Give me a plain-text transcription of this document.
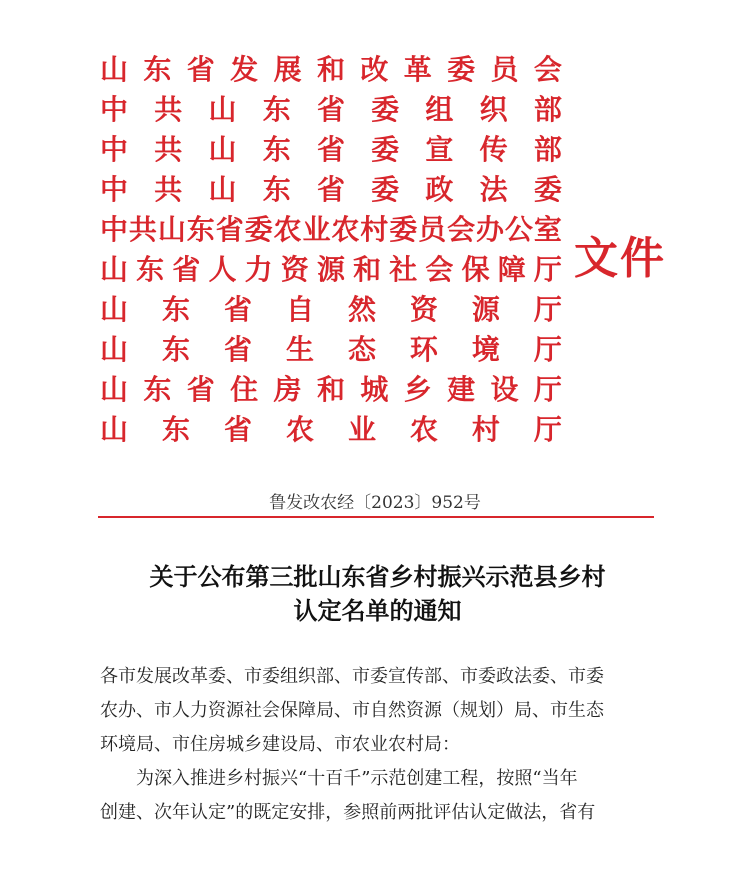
山 东 省 发 展 和 改 革 委 员 会
中 共 山 东 省 委 组 织 部
中 共 山 东 省 委 宣 传 部
中 共 山 东 省 委 政 法 委
中 共 山 东 省 委 农 业 农 村 委 员 会 办 公 室
山 东 省 人 力 资 源 和 社 会 保 障 厅
山 东 省 自 然 资 源 厅
山 东 省 生 态 环 境 厅
山 东 省 住 房 和 城 乡 建 设 厅
山 东 省 农 业 农 村 厅
文件
鲁发改农经〔2023〕952号
关于公布第三批山东省乡村振兴示范县乡村
认定名单的通知
各市发展改革委、市委组织部、市委宣传部、市委政法委、市委
农办、市人力资源社会保障局、市自然资源（规划）局、市生态
环境局、市住房城乡建设局、市农业农村局：
为深入推进乡村振兴“十百千”示范创建工程，按照“当年
创建、次年认定”的既定安排，参照前两批评估认定做法，省有
